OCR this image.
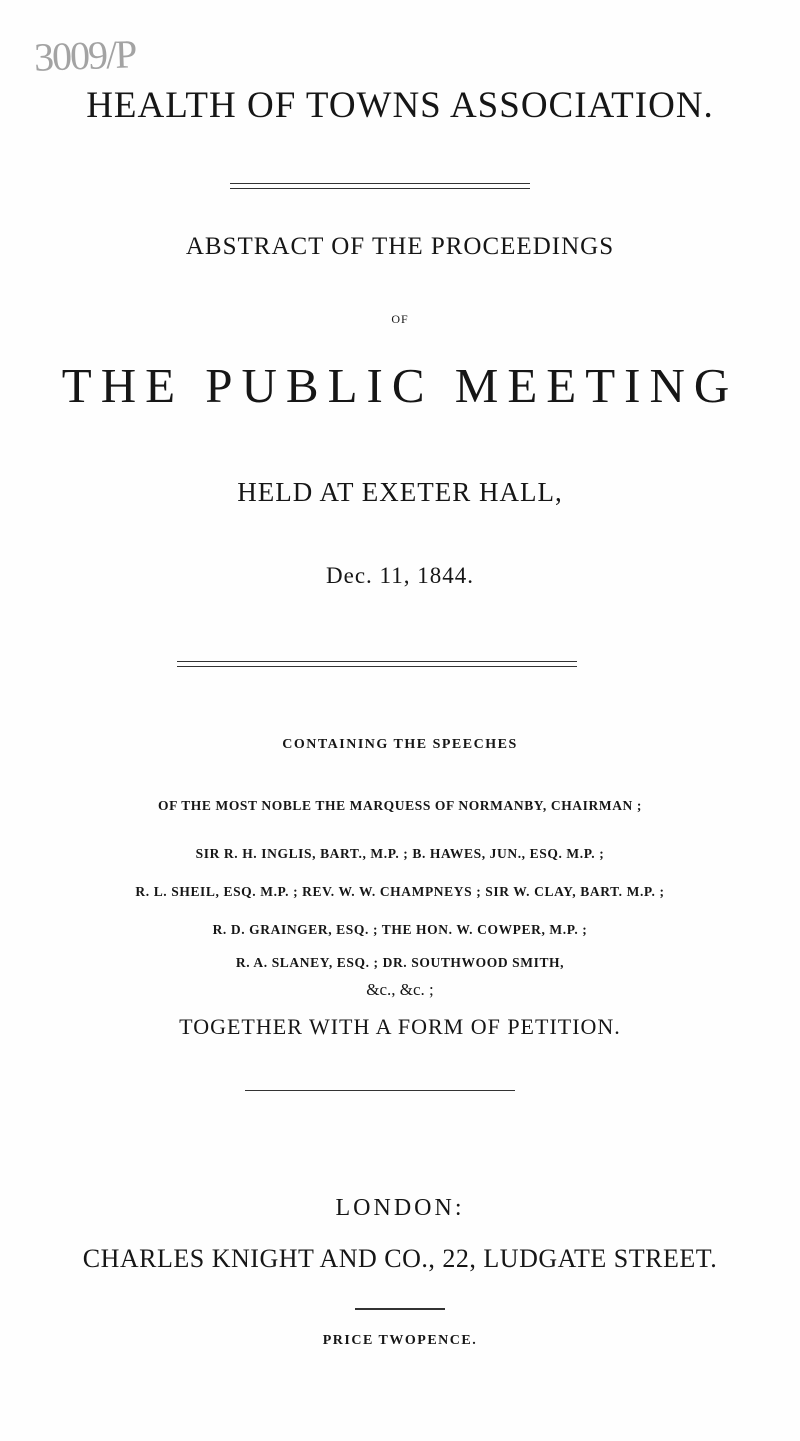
3009/P
HEALTH OF TOWNS ASSOCIATION.
ABSTRACT OF THE PROCEEDINGS
OF
THE PUBLIC MEETING
HELD AT EXETER HALL,
Dec. 11, 1844.
CONTAINING THE SPEECHES
OF THE MOST NOBLE THE MARQUESS OF NORMANBY, CHAIRMAN ;
SIR R. H. INGLIS, BART., M.P. ; B. HAWES, JUN., ESQ. M.P. ;
R. L. SHEIL, ESQ. M.P. ; REV. W. W. CHAMPNEYS ; SIR W. CLAY, BART. M.P. ;
R. D. GRAINGER, ESQ. ; THE HON. W. COWPER, M.P. ;
R. A. SLANEY, ESQ. ; DR. SOUTHWOOD SMITH,
&c., &c. ;
TOGETHER WITH A FORM OF PETITION.
LONDON:
CHARLES KNIGHT AND CO., 22, LUDGATE STREET.
PRICE TWOPENCE.
